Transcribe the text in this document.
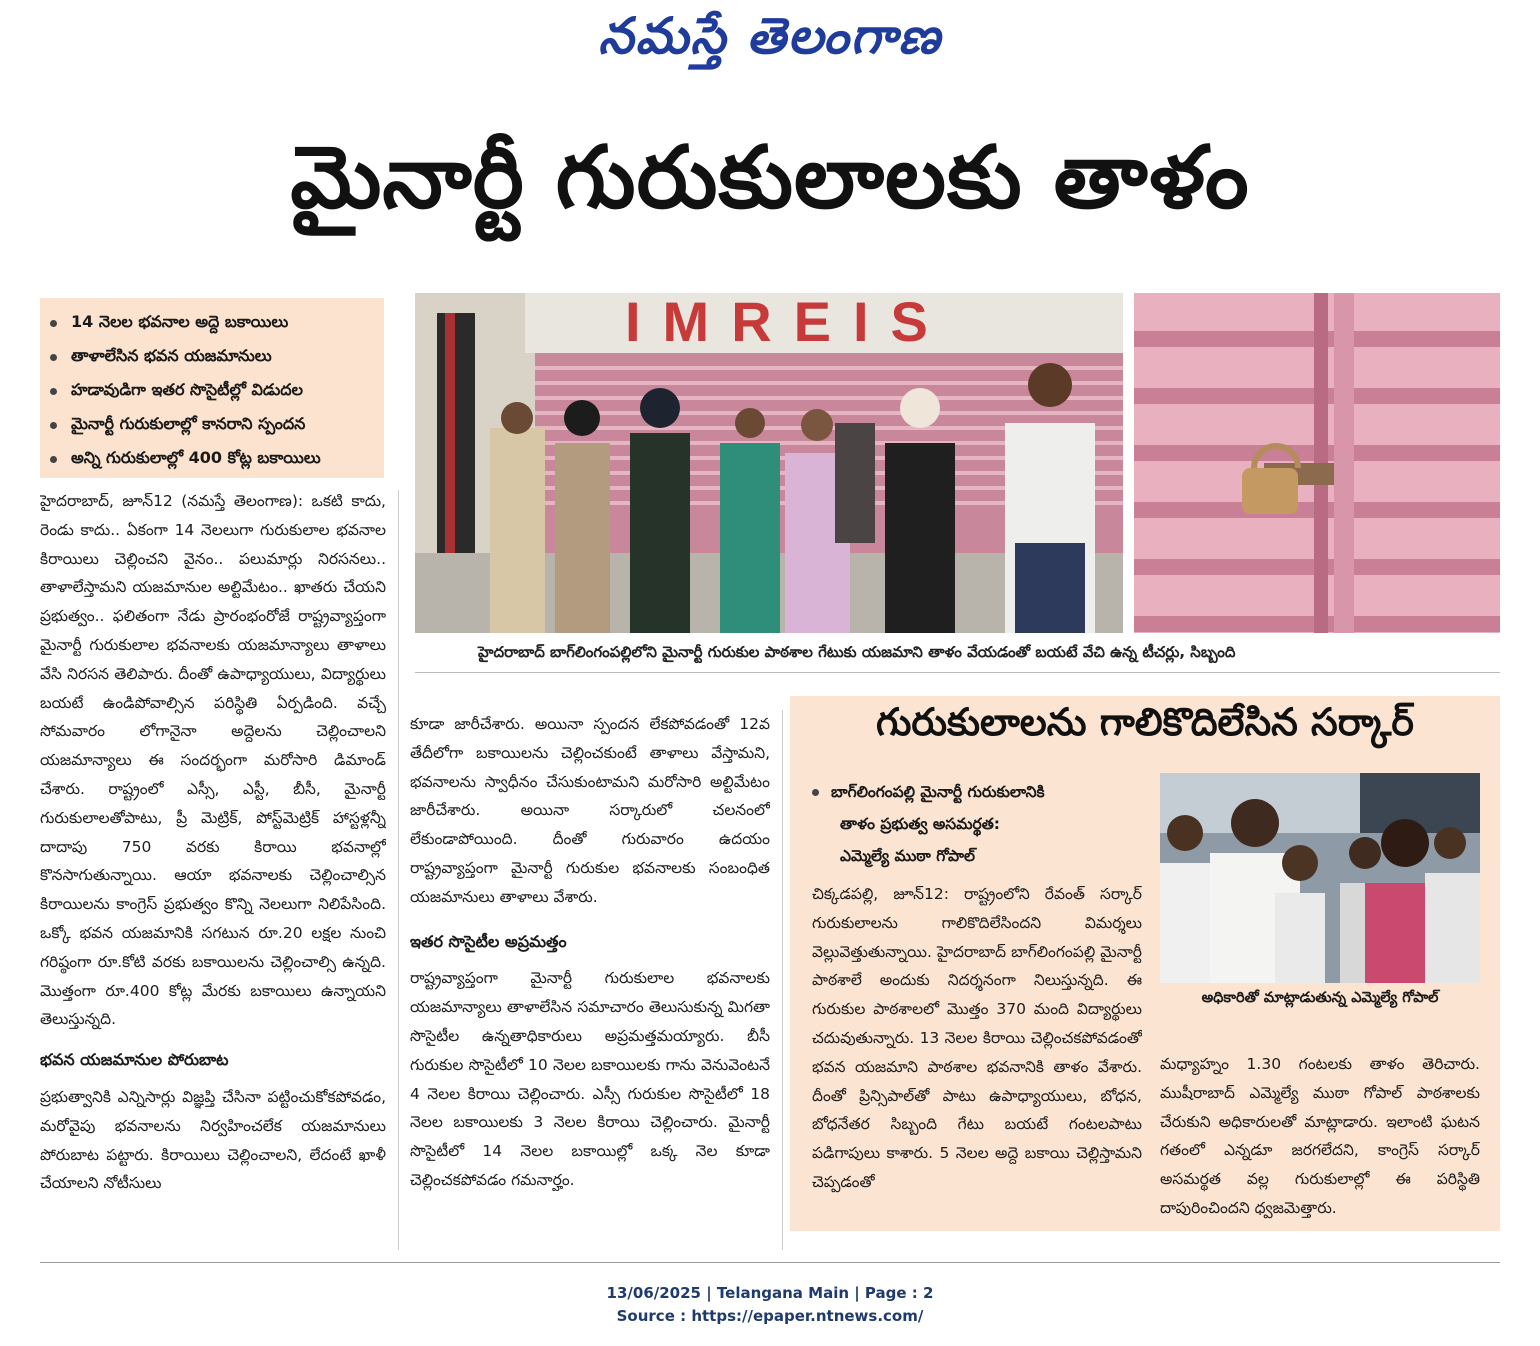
నమస్తే తెలంగాణ
మైనార్టీ గురుకులాలకు తాళం
14 నెలల భవనాల అద్దె బకాయిలు
తాళాలేసిన భవన యజమానులు
హడావుడిగా ఇతర సొసైటీల్లో విడుదల
మైనార్టీ గురుకులాల్లో కానరాని స్పందన
అన్ని గురుకులాల్లో 400 కోట్ల బకాయిలు
హైదరాబాద్, జూన్12 (నమస్తే తెలంగాణ): ఒకటి కాదు, రెండు కాదు.. ఏకంగా 14 నెలలుగా గురుకులాల భవనాల కిరాయిలు చెల్లించని వైనం.. పలుమార్లు నిరసనలు.. తాళాలేస్తామని యజమానుల అల్టిమేటం.. ఖాతరు చేయని ప్రభుత్వం.. ఫలితంగా నేడు ప్రారంభంరోజే రాష్ట్రవ్యాప్తంగా మైనార్టీ గురుకులాల భవనాలకు యజమాన్యాలు తాళాలు వేసి నిరసన తెలిపారు. దీంతో ఉపాధ్యాయులు, విద్యార్థులు బయటే ఉండిపోవాల్సిన పరిస్థితి ఏర్పడింది. వచ్చే సోమవారం లోగానైనా అద్దెలను చెల్లించాలని యజమాన్యాలు ఈ సందర్భంగా మరోసారి డిమాండ్ చేశారు. రాష్ట్రంలో ఎస్సీ, ఎస్టీ, బీసీ, మైనార్టీ గురుకులాలతోపాటు, ప్రీ మెట్రిక్, పోస్ట్‌మెట్రిక్ హాస్టళ్లన్నీ దాదాపు 750 వరకు కిరాయి భవనాల్లో కొనసాగుతున్నాయి. ఆయా భవనాలకు చెల్లించాల్సిన కిరాయిలను కాంగ్రెస్ ప్రభుత్వం కొన్ని నెలలుగా నిలిపేసింది. ఒక్కో భవన యజమానికి సగటున రూ.20 లక్షల నుంచి గరిష్ఠంగా రూ.కోటి వరకు బకాయిలను చెల్లించాల్సి ఉన్నది. మొత్తంగా రూ.400 కోట్ల మేరకు బకాయిలు ఉన్నాయని తెలుస్తున్నది.
భవన యజమానుల పోరుబాట
ప్రభుత్వానికి ఎన్నిసార్లు విజ్ఞప్తి చేసినా పట్టించుకోకపోవడం, మరోవైపు భవనాలను నిర్వహించలేక యజమానులు పోరుబాట పట్టారు. కిరాయిలు చెల్లించాలని, లేదంటే ఖాళీ చేయాలని నోటీసులు
IMREIS
హైదరాబాద్ బాగ్‌లింగంపల్లిలోని మైనార్టీ గురుకుల పాఠశాల గేటుకు యజమాని తాళం వేయడంతో బయటే వేచి ఉన్న టీచర్లు, సిబ్బంది
కూడా జారీచేశారు. అయినా స్పందన లేకపోవడంతో 12వ తేదీలోగా బకాయిలను చెల్లించకుంటే తాళాలు వేస్తామని, భవనాలను స్వాధీనం చేసుకుంటామని మరోసారి అల్టిమేటం జారీచేశారు. అయినా సర్కారులో చలనంలో లేకుండాపోయింది. దీంతో గురువారం ఉదయం రాష్ట్రవ్యాప్తంగా మైనార్టీ గురుకుల భవనాలకు సంబంధిత యజమానులు తాళాలు వేశారు.
ఇతర సొసైటీల అప్రమత్తం
రాష్ట్రవ్యాప్తంగా మైనార్టీ గురుకులాల భవనాలకు యజమాన్యాలు తాళాలేసిన సమాచారం తెలుసుకున్న మిగతా సొసైటీల ఉన్నతాధికారులు అప్రమత్తమయ్యారు. బీసీ గురుకుల సొసైటీలో 10 నెలల బకాయిలకు గాను వెనువెంటనే 4 నెలల కిరాయి చెల్లించారు. ఎస్సీ గురుకుల సొసైటీలో 18 నెలల బకాయిలకు 3 నెలల కిరాయి చెల్లించారు. మైనార్టీ సొసైటీలో 14 నెలల బకాయిల్లో ఒక్క నెల కూడా చెల్లించకపోవడం గమనార్హం.
గురుకులాలను గాలికొదిలేసిన సర్కార్
బాగ్‌లింగంపల్లి మైనార్టీ గురుకులానికి
తాళం ప్రభుత్వ అసమర్థత:
ఎమ్మెల్యే ముఠా గోపాల్
చిక్కడపల్లి, జూన్12: రాష్ట్రంలోని రేవంత్ సర్కార్ గురుకులాలను గాలికొదిలేసిందని విమర్శలు వెల్లువెత్తుతున్నాయి. హైదరాబాద్ బాగ్‌లింగంపల్లి మైనార్టీ పాఠశాలే అందుకు నిదర్శనంగా నిలుస్తున్నది. ఈ గురుకుల పాఠశాలలో మొత్తం 370 మంది విద్యార్థులు చదువుతున్నారు. 13 నెలల కిరాయి చెల్లించకపోవడంతో భవన యజమాని పాఠశాల భవనానికి తాళం వేశారు. దీంతో ప్రిన్సిపాల్‌తో పాటు ఉపాధ్యాయులు, బోధన, బోధనేతర సిబ్బంది గేటు బయటే గంటలపాటు పడిగాపులు కాశారు. 5 నెలల అద్దె బకాయి చెల్లిస్తామని చెప్పడంతో
అధికారితో మాట్లాడుతున్న ఎమ్మెల్యే గోపాల్
మధ్యాహ్నం 1.30 గంటలకు తాళం తెరిచారు. ముషీరాబాద్ ఎమ్మెల్యే ముఠా గోపాల్ పాఠశాలకు చేరుకుని అధికారులతో మాట్లాడారు. ఇలాంటి ఘటన గతంలో ఎన్నడూ జరగలేదని, కాంగ్రెస్ సర్కార్ అసమర్థత వల్ల గురుకులాల్లో ఈ పరిస్థితి దాపురించిందని ధ్వజమెత్తారు.
13/06/2025 | Telangana Main | Page : 2
Source : https://epaper.ntnews.com/
